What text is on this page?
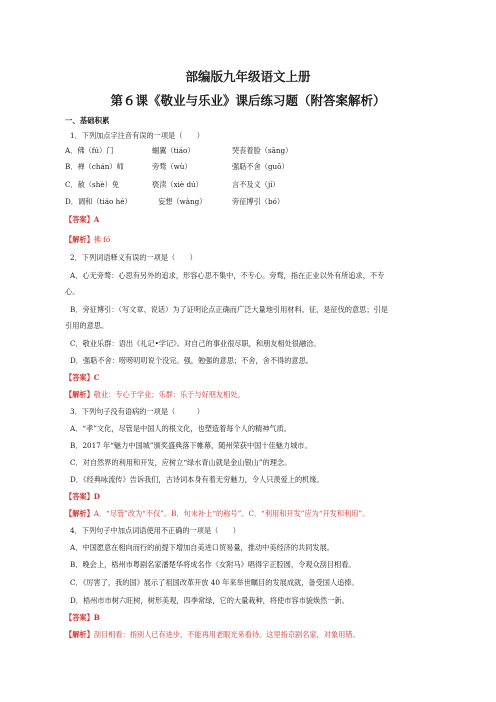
部编版九年级语文上册
第６课《敬业与乐业》课后练习题（附答案解析）
一、基础积累
1．下列加点字注音有误的一项是（　　）
A．佛（fú）门	蝈翼（tiáo）	哭丧着脸（sāng）
B．禅（chán）师	旁骛（wù）	强聒不舍（guō）
C．赦（shè）免	亵渎（xiè dú）	言不及义（jí）
D．调和（tiáo hé）	妄想（wàng）	旁征博引（bó）
【答案】A
【解析】拂 fó
2．下列词语释义有误的一项是（　　）
A．心无旁骛：心思有另外的追求，形容心思不集中，不专心。旁骛，指在正业以外有所追求，不专
心。
B．旁征博引：（写文章、说话）为了证明论点正确而广泛大量地引用材料。征，是征伐的意思；引是
引用的意思。
C．敬业乐群：语出《礼记•学记》。对自己的事业很尽职，和朋友相处很融洽。
D．强聒不舍：唠唠叨叨说个没完。强，勉强的意思；不舍，舍不得的意思。
【答案】C
【解析】敬业：专心于学业；乐群：乐于与好朋友相处。
3．下列句子没有语病的一项是（　　　）
A．“孝”文化，尽管是中国人的根文化，也塑造着每个人的精神气质。
B．2017 年“魅力中国城”颁奖盛典落下帷幕，随州荣获中国十佳魅力城市。
C．对自然界的利用和开发，应树立“绿水青山就是金山银山”的理念。
D．《经典咏流传》告诉我们，古诗词本身有着无穷魅力，令人只羡爱上的机缘。
【答案】D
【解析】A．“尽管”改为“不仅”。B．句末补上“的称号”。C．“利用和开发”应为“开发和利用”。
4．下列句子中加点词语使用不正确的一项是（　　）
A．中国愿意在相向而行的前提下增加自美进口贸易量，推动中美经济的共同发展。
B．晚会上，梧州市粤剧名家潘楚华将成名作《女附马》唱得字正腔圆，令观众刮目相看。
C．《厉害了，我的国》展示了祖国改革开放 40 年来举世瞩目的发展成就，备受国人追捧。
D．梧州市市树六旺树，树形美观，四季常绿，它的大量栽种，将使市容市貌焕然一新。
【答案】B
【解析】刮目相看：指别人已有进步，不能再用老眼光来看待。这里指京剧名家，对象用错。
